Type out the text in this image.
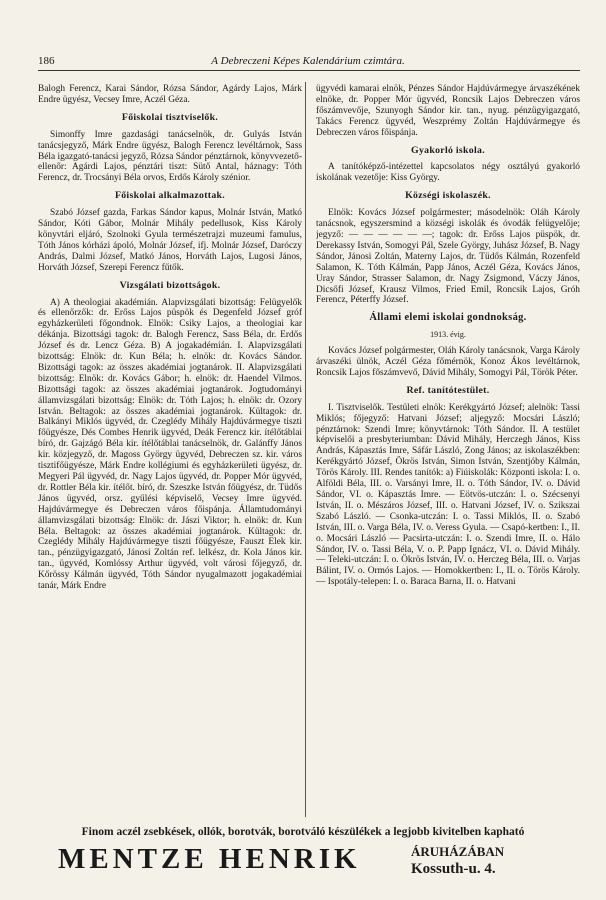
186	A Debreczeni Képes Kalendárium czimtára.

Balogh Ferencz, Karai Sándor, Rózsa Sándor, Agárdy Lajos, Márk Endre ügyész, Vecsey Imre, Aczél Géza.

Főiskolai tisztviselők.

Simonffy Imre gazdasági tanácselnök, dr. Gulyás István tanácsjegyző, Márk Endre ügyész, Balogh Ferencz levéltárnok, Sass Béla igazgató-tanácsi jegyző, Rózsa Sándor pénztárnok, könyvvezető-ellenőr: Agárdi Lajos, pénztári tiszt: Sütő Antal, háznagy: Tóth Ferencz, dr. Trocsányi Béla orvos, Erdős Károly szénior.

Főiskolai alkalmazottak.

Szabó József gazda, Farkas Sándor kapus, Molnár István, Matkó Sándor, Kóti Gábor, Molnár Mihály pedellusok, Kiss Károly könyvtári eljáró, Szolnoki Gyula természetrajzi muzeumi famulus, Tóth János kórházi ápoló, Molnár József, ifj. Molnár József, Daróczy András, Dalmi József, Matkó János, Horváth Lajos, Lugosi János, Horváth József, Szerepi Ferencz fűtők.

Vizsgálati bizottságok.

A) A theologiai akadémián. Alapvizsgálati bizottság: Felügyelők és ellenőrzők: dr. Erőss Lajos püspök és Degenfeld József gróf egyházkerületi főgondnok. Elnök: Csiky Lajos, a theologiai kar dékánja. Bizottsági tagok: dr. Balogh Ferencz, Sass Béla, dr. Erdős József és dr. Lencz Géza. B) A jogakadémián. I. Alapvizsgálati bizottság: Elnök: dr. Kun Béla; h. elnök: dr. Kovács Sándor. Bizottsági tagok: az összes akadémiai jogtanárok. II. Alapvizsgálati bizottság: Elnök: dr. Kovács Gábor; h. elnök: dr. Haendel Vilmos. Bizottsági tagok: az összes akadémiai jogtanárok. Jogtudományi államvizsgálati bizottság: Elnök: dr. Tóth Lajos; h. elnök: dr. Ozory István. Beltagok: az összes akadémiai jogtanárok. Kültagok: dr. Balkányi Miklós ügyvéd, dr. Czeglédy Mihály Hajdúvármegye tiszti főügyésze, Dés Combes Henrik ügyvéd, Deák Ferencz kir. ítélőtáblai bíró, dr. Gajzágó Béla kir. ítélőtáblai tanácselnök, dr. Galánffy János kir. közjegyző, dr. Magoss György ügyvéd, Debreczen sz. kir. város tisztifőügyésze, Márk Endre kollégiumi és egyházkerületi ügyész, dr. Megyeri Pál ügyvéd, dr. Nagy Lajos ügyvéd, dr. Popper Mór ügyvéd, dr. Rottler Béla kir. ítélőt. bíró, dr. Szeszke István főügyész, dr. Tüdős János ügyvéd, orsz. gyűlési képviselő, Vecsey Imre ügyvéd. Hajdúvármegye és Debreczen város főispánja. Államtudományi államvizsgálati bizottság: Elnök: dr. Jászi Viktor; h. elnök: dr. Kun Béla. Beltagok: az összes akadémiai jogtanárok. Kültagok: dr. Czeglédy Mihály Hajdúvármegye tiszti főügyésze, Fauszt Elek kir. tan., pénzügyigazgató, Jánosi Zoltán ref. lelkész, dr. Kola János kir. tan., ügyvéd, Komlóssy Arthur ügyvéd, volt városi főjegyző, dr. Kőrössy Kálmán ügyvéd, Tóth Sándor nyugalmazott jogakadémiai tanár, Márk Endre

ügyvédi kamarai elnök, Pénzes Sándor Hajdúvármegye árvaszékének elnöke, dr. Popper Mór ügyvéd, Roncsik Lajos Debreczen város főszámvevője, Szunyogh Sándor kir. tan., nyug. pénzügyigazgató, Takács Ferencz ügyvéd, Weszprémy Zoltán Hajdúvármegye és Debreczen város főispánja.

Gyakorló iskola.

A tanítóképző-intézettel kapcsolatos négy osztályú gyakorló iskolának vezetője: Kiss György.

Községi iskolaszék.

Elnök: Kovács József polgármester; másodelnök: Oláh Károly tanácsnok, egyszersmind a községi iskolák és óvodák felügyelője; jegyző: — — — — — —; tagok: dr. Erőss Lajos püspök, dr. Derekassy István, Somogyi Pál, Szele György, Juhász József, B. Nagy Sándor, Jánosi Zoltán, Materny Lajos, dr. Tüdős Kálmán, Rozenfeld Salamon, K. Tóth Kálmán, Papp János, Aczél Géza, Kovács János, Uray Sándor, Strasser Salamon, dr. Nagy Zsigmond, Váczy János, Dicsőfi József, Krausz Vilmos, Fried Emil, Roncsik Lajos, Gróh Ferencz, Péterffy József.

Állami elemi iskolai gondnokság.
1913. évig.

Kovács József polgármester, Oláh Károly tanácsnok, Varga Károly árvaszéki ülnök, Aczél Géza főmérnök, Konoz Ákos levéltárnok, Roncsik Lajos főszámvevő, Dávid Mihály, Somogyi Pál, Török Péter.

Ref. tanítótestület.

I. Tisztviselők. Testületi elnök: Kerékgyártó József; alelnök: Tassi Miklós; főjegyző: Hatvani József; aljegyző: Mocsári László; pénztárnok: Szendi Imre; könyvtárnok: Tóth Sándor. II. A testület képviselői a presbyteriumban: Dávid Mihály, Herczegh János, Kiss András, Kápasztás Imre, Sáfár László, Zong János; az iskolaszékben: Kerékgyártó József, Ökrös István, Simon István, Szentjóby Kálmán, Törös Károly. III. Rendes tanítók: a) Fiúiskolák: Központi iskola: I. o. Alföldi Béla, III. o. Varsányi Imre, II. o. Tóth Sándor, IV. o. Dávid Sándor, VI. o. Kápasztás Imre. — Eötvös-utczán: I. o. Szécsenyi István, II. o. Mészáros József, III. o. Hatvani József, IV. o. Szikszai Szabó László. — Csonka-utczán: I. o. Tassi Miklós, II. o. Szabó István, III. o. Varga Béla, IV. o. Veress Gyula. — Csapó-kertben: I., II. o. Mocsári László — Pacsirta-utczán: I. o. Szendi Imre, II. o. Hálo Sándor, IV. o. Tassi Béla, V. o. P. Papp Ignácz, VI. o. Dávid Mihály. — Teleki-utczán: I. o. Ökrös István, IV. o. Herczeg Béla, III. o. Varjas Bálint, IV. o. Ormós Lajos. — Homokkertben: I., II. o. Törös Károly. — Ispotály-telepen: I. o. Baraca Barna, II. o. Hatvani

Finom aczél zsebkések, ollók, borotvák, borotváló készülékek a legjobb kivitelben kapható
MENTZE HENRIK	ÁRUHÁZÁBAN
Kossuth-u. 4.
